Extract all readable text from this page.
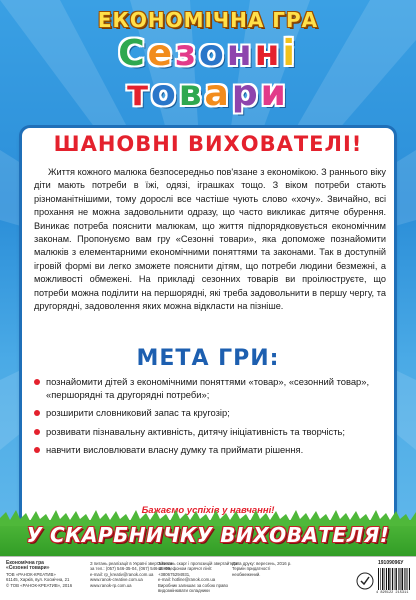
ЕКОНОМІЧНА ГРА
Сезонні
товари
ШАНОВНІ ВИХОВАТЕЛІ!

Життя кожного малюка безпосередньо пов'язане з економікою. З раннього віку діти мають потреби в їжі, одязі, іграшках тощо. З віком потреби стають різноманітнішими, тому дорослі все частіше чують слово «хочу». Звичайно, всі прохання не можна задовольнити одразу, що часто викликає дитяче обурення. Виникає потреба пояснити малюкам, що життя підпорядковується економічним законам. Пропонуємо вам гру «Сезонні товари», яка допоможе познайомити малюків з елементарними економічними поняттями та законами. Так в доступній ігровій формі ви легко зможете пояснити дітям, що потреби людини безмежні, а можливості обмежені. На прикладі сезонних товарів ви проілюструєте, що потреби можна поділити на першорядні, які треба задовольнити в першу чергу, та другорядні, задоволення яких можна відкласти на пізніше.

МЕТА ГРИ:
познайомити дітей з економічними поняттями «товар», «сезонний товар», «першорядні та другорядні потреби»;
розширити словниковий запас та кругозір;
розвивати пізнавальну активність, дитячу ініціативність та творчість;
навчити висловлювати власну думку та приймати рішення.
Бажаємо успіхів у навчанні!
У СКАРБНИЧКУ ВИХОВАТЕЛЯ!
Економічна гра
«Сезонні товари»
ТОВ «РАНОК-КРЕАТИВ»
61145, Харків, вул. Космічна, 21
© ТОВ «РАНОК-КРЕАТИВ», 2016
З питань реалізації в Україні звертайтеся
за тел.: (057) 546-35-04, (067) 546-35-09,
e-mail: rp_kreativ@ranok.com.ua
www.ranok-creative.com.ua
www.ranok-rp.com.ua
З питань скарг і пропозицій звертайтеся
за телефоном гарячої лінії:
+380675294931,
e-mail: hotline@ranok.com.ua
Виробник залишає за собою право
видозмінювати складники
Дата друку: вересень, 2016 р.
Термін придатності
необмежений.
19109096У
4 820122 215311
